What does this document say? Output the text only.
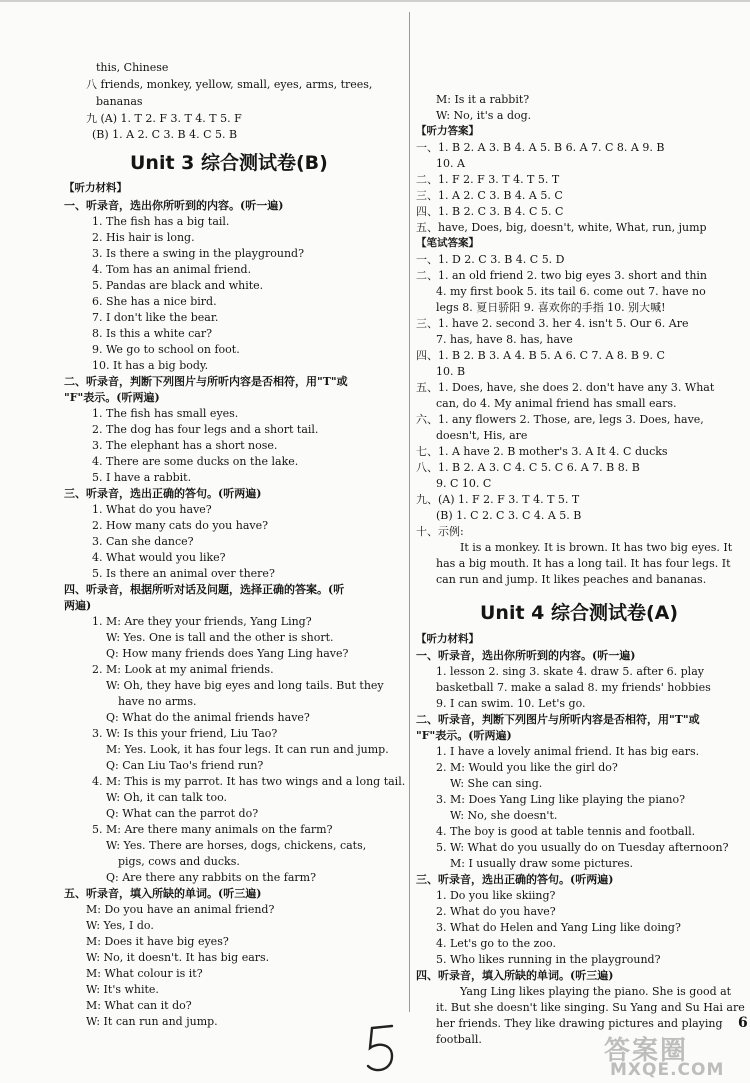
this, Chinese
八 friends, monkey, yellow, small, eyes, arms, trees,
bananas
九 (A) 1. T 2. F 3. T 4. T 5. F
(B) 1. A 2. C 3. B 4. C 5. B
【听力材料】
一、听录音，选出你所听到的内容。(听一遍)
1. The fish has a big tail.
2. His hair is long.
3. Is there a swing in the playground?
4. Tom has an animal friend.
5. Pandas are black and white.
6. She has a nice bird.
7. I don't like the bear.
8. Is this a white car?
9. We go to school on foot.
10. It has a big body.
二、听录音，判断下列图片与所听内容是否相符，用"T"或
"F"表示。(听两遍)
1. The fish has small eyes.
2. The dog has four legs and a short tail.
3. The elephant has a short nose.
4. There are some ducks on the lake.
5. I have a rabbit.
三、听录音，选出正确的答句。(听两遍)
1. What do you have?
2. How many cats do you have?
3. Can she dance?
4. What would you like?
5. Is there an animal over there?
四、听录音，根据所听对话及问题，选择正确的答案。(听
两遍)
1. M: Are they your friends, Yang Ling?
W: Yes. One is tall and the other is short.
Q: How many friends does Yang Ling have?
2. M: Look at my animal friends.
W: Oh, they have big eyes and long tails. But they
have no arms.
Q: What do the animal friends have?
3. W: Is this your friend, Liu Tao?
M: Yes. Look, it has four legs. It can run and jump.
Q: Can Liu Tao's friend run?
4. M: This is my parrot. It has two wings and a long tail.
W: Oh, it can talk too.
Q: What can the parrot do?
5. M: Are there many animals on the farm?
W: Yes. There are horses, dogs, chickens, cats,
pigs, cows and ducks.
Q: Are there any rabbits on the farm?
五、听录音，填入所缺的单词。(听三遍)
M: Do you have an animal friend?
W: Yes, I do.
M: Does it have big eyes?
W: No, it doesn't. It has big ears.
M: What colour is it?
W: It's white.
M: What can it do?
W: It can run and jump.
Unit 3 综合测试卷(B)
M: Is it a rabbit?
W: No, it's a dog.
【听力答案】
一、1. B 2. A 3. B 4. A 5. B 6. A 7. C 8. A 9. B
10. A
二、1. F 2. F 3. T 4. T 5. T
三、1. A 2. C 3. B 4. A 5. C
四、1. B 2. C 3. B 4. C 5. C
五、have, Does, big, doesn't, white, What, run, jump
【笔试答案】
一、1. D 2. C 3. B 4. C 5. D
二、1. an old friend 2. two big eyes 3. short and thin
4. my first book 5. its tail 6. come out 7. have no
legs 8. 夏日骄阳 9. 喜欢你的手指 10. 别大喊!
三、1. have 2. second 3. her 4. isn't 5. Our 6. Are
7. has, have 8. has, have
四、1. B 2. B 3. A 4. B 5. A 6. C 7. A 8. B 9. C
10. B
五、1. Does, have, she does 2. don't have any 3. What
can, do 4. My animal friend has small ears.
六、1. any flowers 2. Those, are, legs 3. Does, have,
doesn't, His, are
七、1. A have 2. B mother's 3. A It 4. C ducks
八、1. B 2. A 3. C 4. C 5. C 6. A 7. B 8. B
9. C 10. C
九、(A) 1. F 2. F 3. T 4. T 5. T
(B) 1. C 2. C 3. C 4. A 5. B
十、示例:
It is a monkey. It is brown. It has two big eyes. It
has a big mouth. It has a long tail. It has four legs. It
can run and jump. It likes peaches and bananas.
【听力材料】
一、听录音，选出你所听到的内容。(听一遍)
1. lesson 2. sing 3. skate 4. draw 5. after 6. play
basketball 7. make a salad 8. my friends' hobbies
9. I can swim. 10. Let's go.
二、听录音，判断下列图片与所听内容是否相符，用"T"或
"F"表示。(听两遍)
1. I have a lovely animal friend. It has big ears.
2. M: Would you like the girl do?
W: She can sing.
3. M: Does Yang Ling like playing the piano?
W: No, she doesn't.
4. The boy is good at table tennis and football.
5. W: What do you usually do on Tuesday afternoon?
M: I usually draw some pictures.
三、听录音，选出正确的答句。(听两遍)
1. Do you like skiing?
2. What do you have?
3. What do Helen and Yang Ling like doing?
4. Let's go to the zoo.
5. Who likes running in the playground?
四、听录音，填入所缺的单词。(听三遍)
Yang Ling likes playing the piano. She is good at
it. But she doesn't like singing. Su Yang and Su Hai are
her friends. They like drawing pictures and playing
football.
Unit 4 综合测试卷(A)
6
答案圈
MXQE.COM
